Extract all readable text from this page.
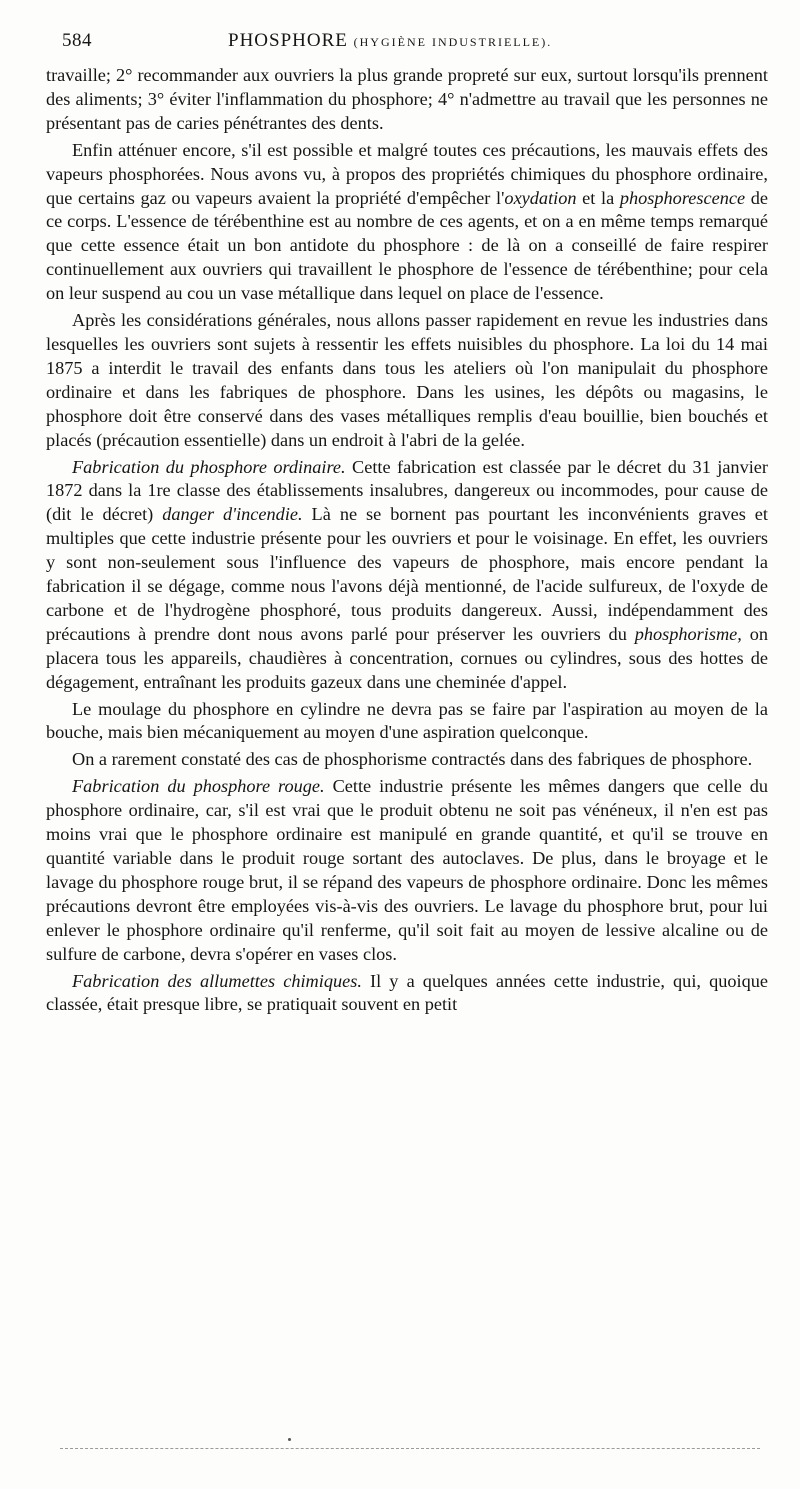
584	PHOSPHORE (HYGIÈNE INDUSTRIELLE).

travaille; 2° recommander aux ouvriers la plus grande propreté sur eux, surtout lorsqu'ils prennent des aliments; 3° éviter l'inflammation du phosphore; 4° n'admettre au travail que les personnes ne présentant pas de caries pénétrantes des dents.

Enfin atténuer encore, s'il est possible et malgré toutes ces précautions, les mauvais effets des vapeurs phosphorées. Nous avons vu, à propos des propriétés chimiques du phosphore ordinaire, que certains gaz ou vapeurs avaient la propriété d'empêcher l'oxydation et la phosphorescence de ce corps. L'essence de térébenthine est au nombre de ces agents, et on a en même temps remarqué que cette essence était un bon antidote du phosphore : de là on a conseillé de faire respirer continuellement aux ouvriers qui travaillent le phosphore de l'essence de térébenthine; pour cela on leur suspend au cou un vase métallique dans lequel on place de l'essence.

Après les considérations générales, nous allons passer rapidement en revue les industries dans lesquelles les ouvriers sont sujets à ressentir les effets nuisibles du phosphore. La loi du 14 mai 1875 a interdit le travail des enfants dans tous les ateliers où l'on manipulait du phosphore ordinaire et dans les fabriques de phosphore. Dans les usines, les dépôts ou magasins, le phosphore doit être conservé dans des vases métalliques remplis d'eau bouillie, bien bouchés et placés (précaution essentielle) dans un endroit à l'abri de la gelée.

Fabrication du phosphore ordinaire. Cette fabrication est classée par le décret du 31 janvier 1872 dans la 1re classe des établissements insalubres, dangereux ou incommodes, pour cause de (dit le décret) danger d'incendie. Là ne se bornent pas pourtant les inconvénients graves et multiples que cette industrie présente pour les ouvriers et pour le voisinage. En effet, les ouvriers y sont non-seulement sous l'influence des vapeurs de phosphore, mais encore pendant la fabrication il se dégage, comme nous l'avons déjà mentionné, de l'acide sulfureux, de l'oxyde de carbone et de l'hydrogène phosphoré, tous produits dangereux. Aussi, indépendamment des précautions à prendre dont nous avons parlé pour préserver les ouvriers du phosphorisme, on placera tous les appareils, chaudières à concentration, cornues ou cylindres, sous des hottes de dégagement, entraînant les produits gazeux dans une cheminée d'appel.

Le moulage du phosphore en cylindre ne devra pas se faire par l'aspiration au moyen de la bouche, mais bien mécaniquement au moyen d'une aspiration quelconque.

On a rarement constaté des cas de phosphorisme contractés dans des fabriques de phosphore.

Fabrication du phosphore rouge. Cette industrie présente les mêmes dangers que celle du phosphore ordinaire, car, s'il est vrai que le produit obtenu ne soit pas vénéneux, il n'en est pas moins vrai que le phosphore ordinaire est manipulé en grande quantité, et qu'il se trouve en quantité variable dans le produit rouge sortant des autoclaves. De plus, dans le broyage et le lavage du phosphore rouge brut, il se répand des vapeurs de phosphore ordinaire. Donc les mêmes précautions devront être employées vis-à-vis des ouvriers. Le lavage du phosphore brut, pour lui enlever le phosphore ordinaire qu'il renferme, qu'il soit fait au moyen de lessive alcaline ou de sulfure de carbone, devra s'opérer en vases clos.

Fabrication des allumettes chimiques. Il y a quelques années cette industrie, qui, quoique classée, était presque libre, se pratiquait souvent en petit
